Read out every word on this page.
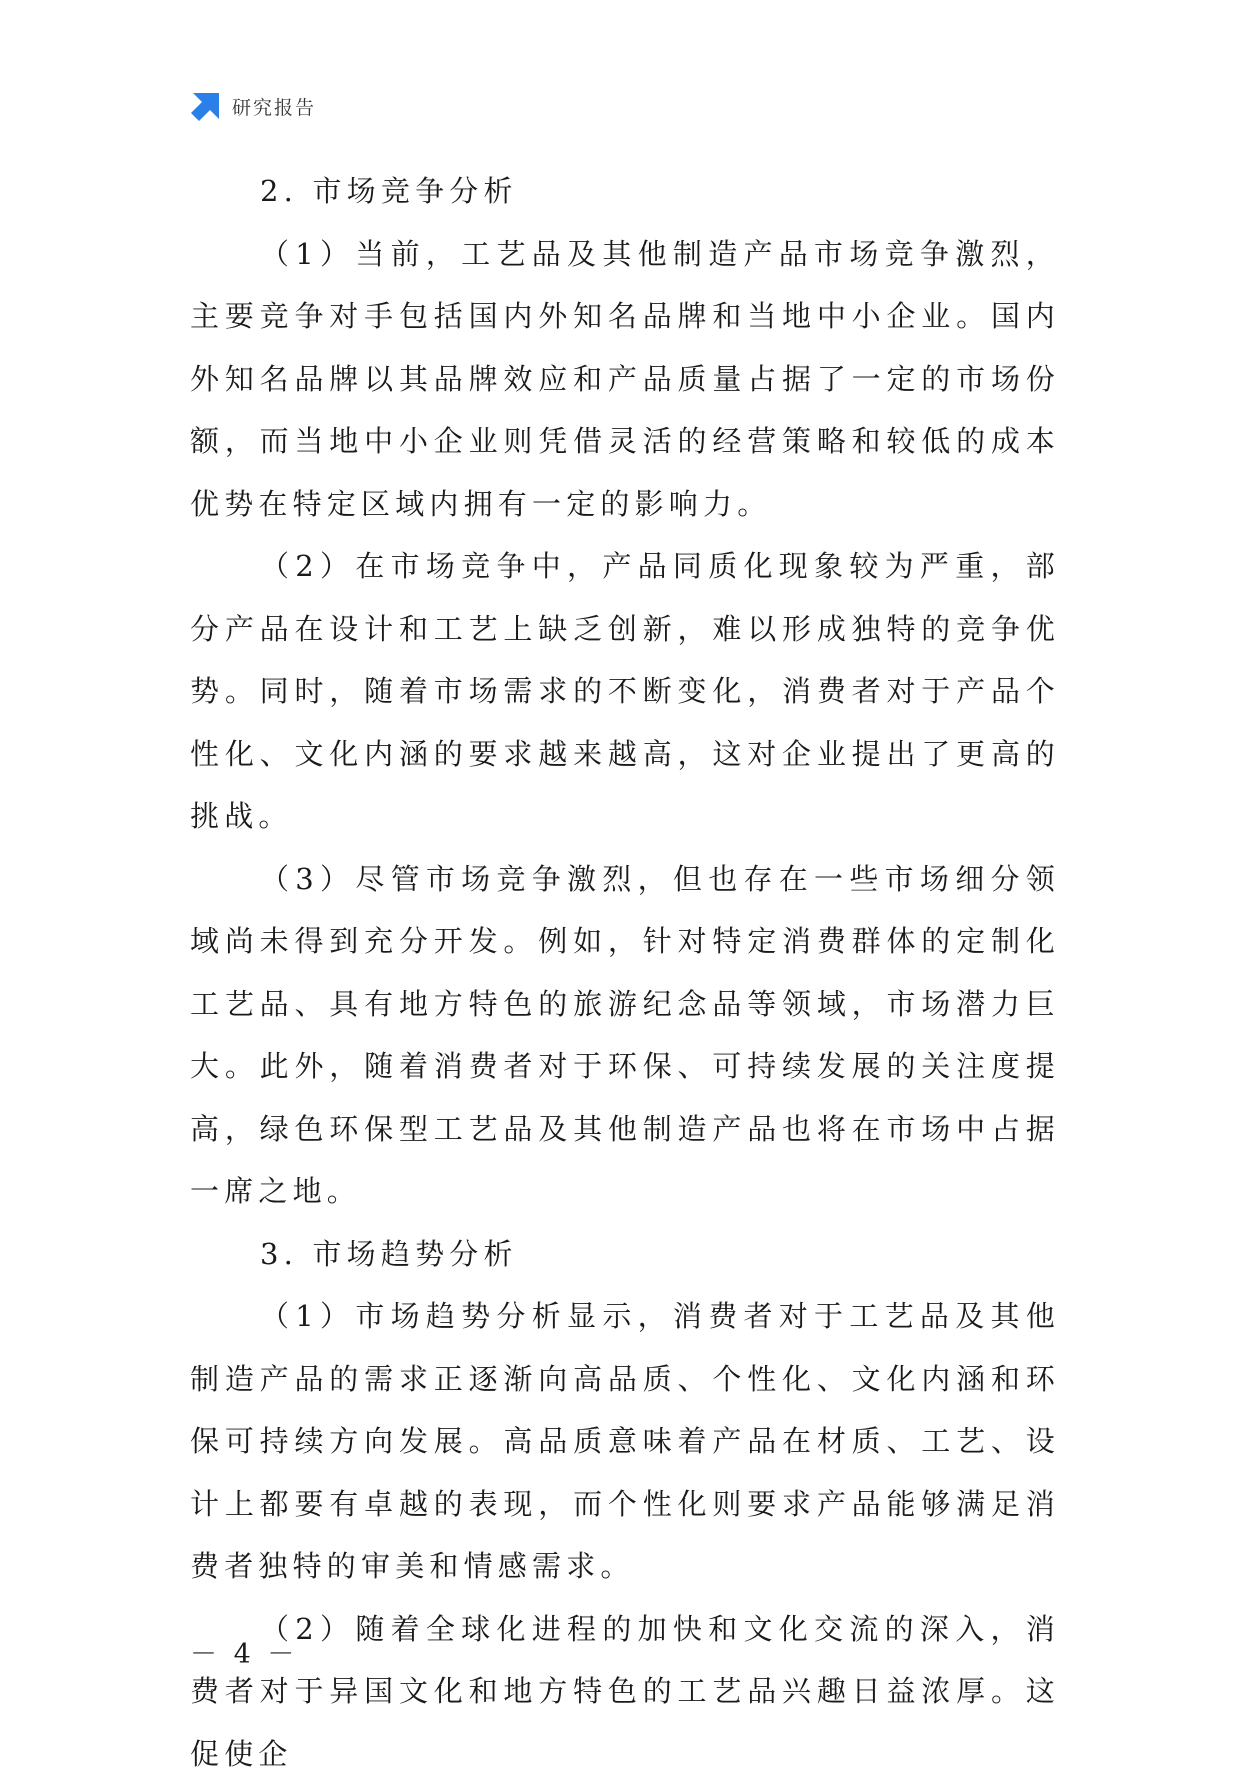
研究报告

2. 市场竞争分析

（1）当前，工艺品及其他制造产品市场竞争激烈，主要竞争对手包括国内外知名品牌和当地中小企业。国内外知名品牌以其品牌效应和产品质量占据了一定的市场份额，而当地中小企业则凭借灵活的经营策略和较低的成本优势在特定区域内拥有一定的影响力。

（2）在市场竞争中，产品同质化现象较为严重，部分产品在设计和工艺上缺乏创新，难以形成独特的竞争优势。同时，随着市场需求的不断变化，消费者对于产品个性化、文化内涵的要求越来越高，这对企业提出了更高的挑战。

（3）尽管市场竞争激烈，但也存在一些市场细分领域尚未得到充分开发。例如，针对特定消费群体的定制化工艺品、具有地方特色的旅游纪念品等领域，市场潜力巨大。此外，随着消费者对于环保、可持续发展的关注度提高，绿色环保型工艺品及其他制造产品也将在市场中占据一席之地。

3. 市场趋势分析

（1）市场趋势分析显示，消费者对于工艺品及其他制造产品的需求正逐渐向高品质、个性化、文化内涵和环保可持续方向发展。高品质意味着产品在材质、工艺、设计上都要有卓越的表现，而个性化则要求产品能够满足消费者独特的审美和情感需求。

（2）随着全球化进程的加快和文化交流的深入，消费者对于异国文化和地方特色的工艺品兴趣日益浓厚。这促使企

－ 4 －
